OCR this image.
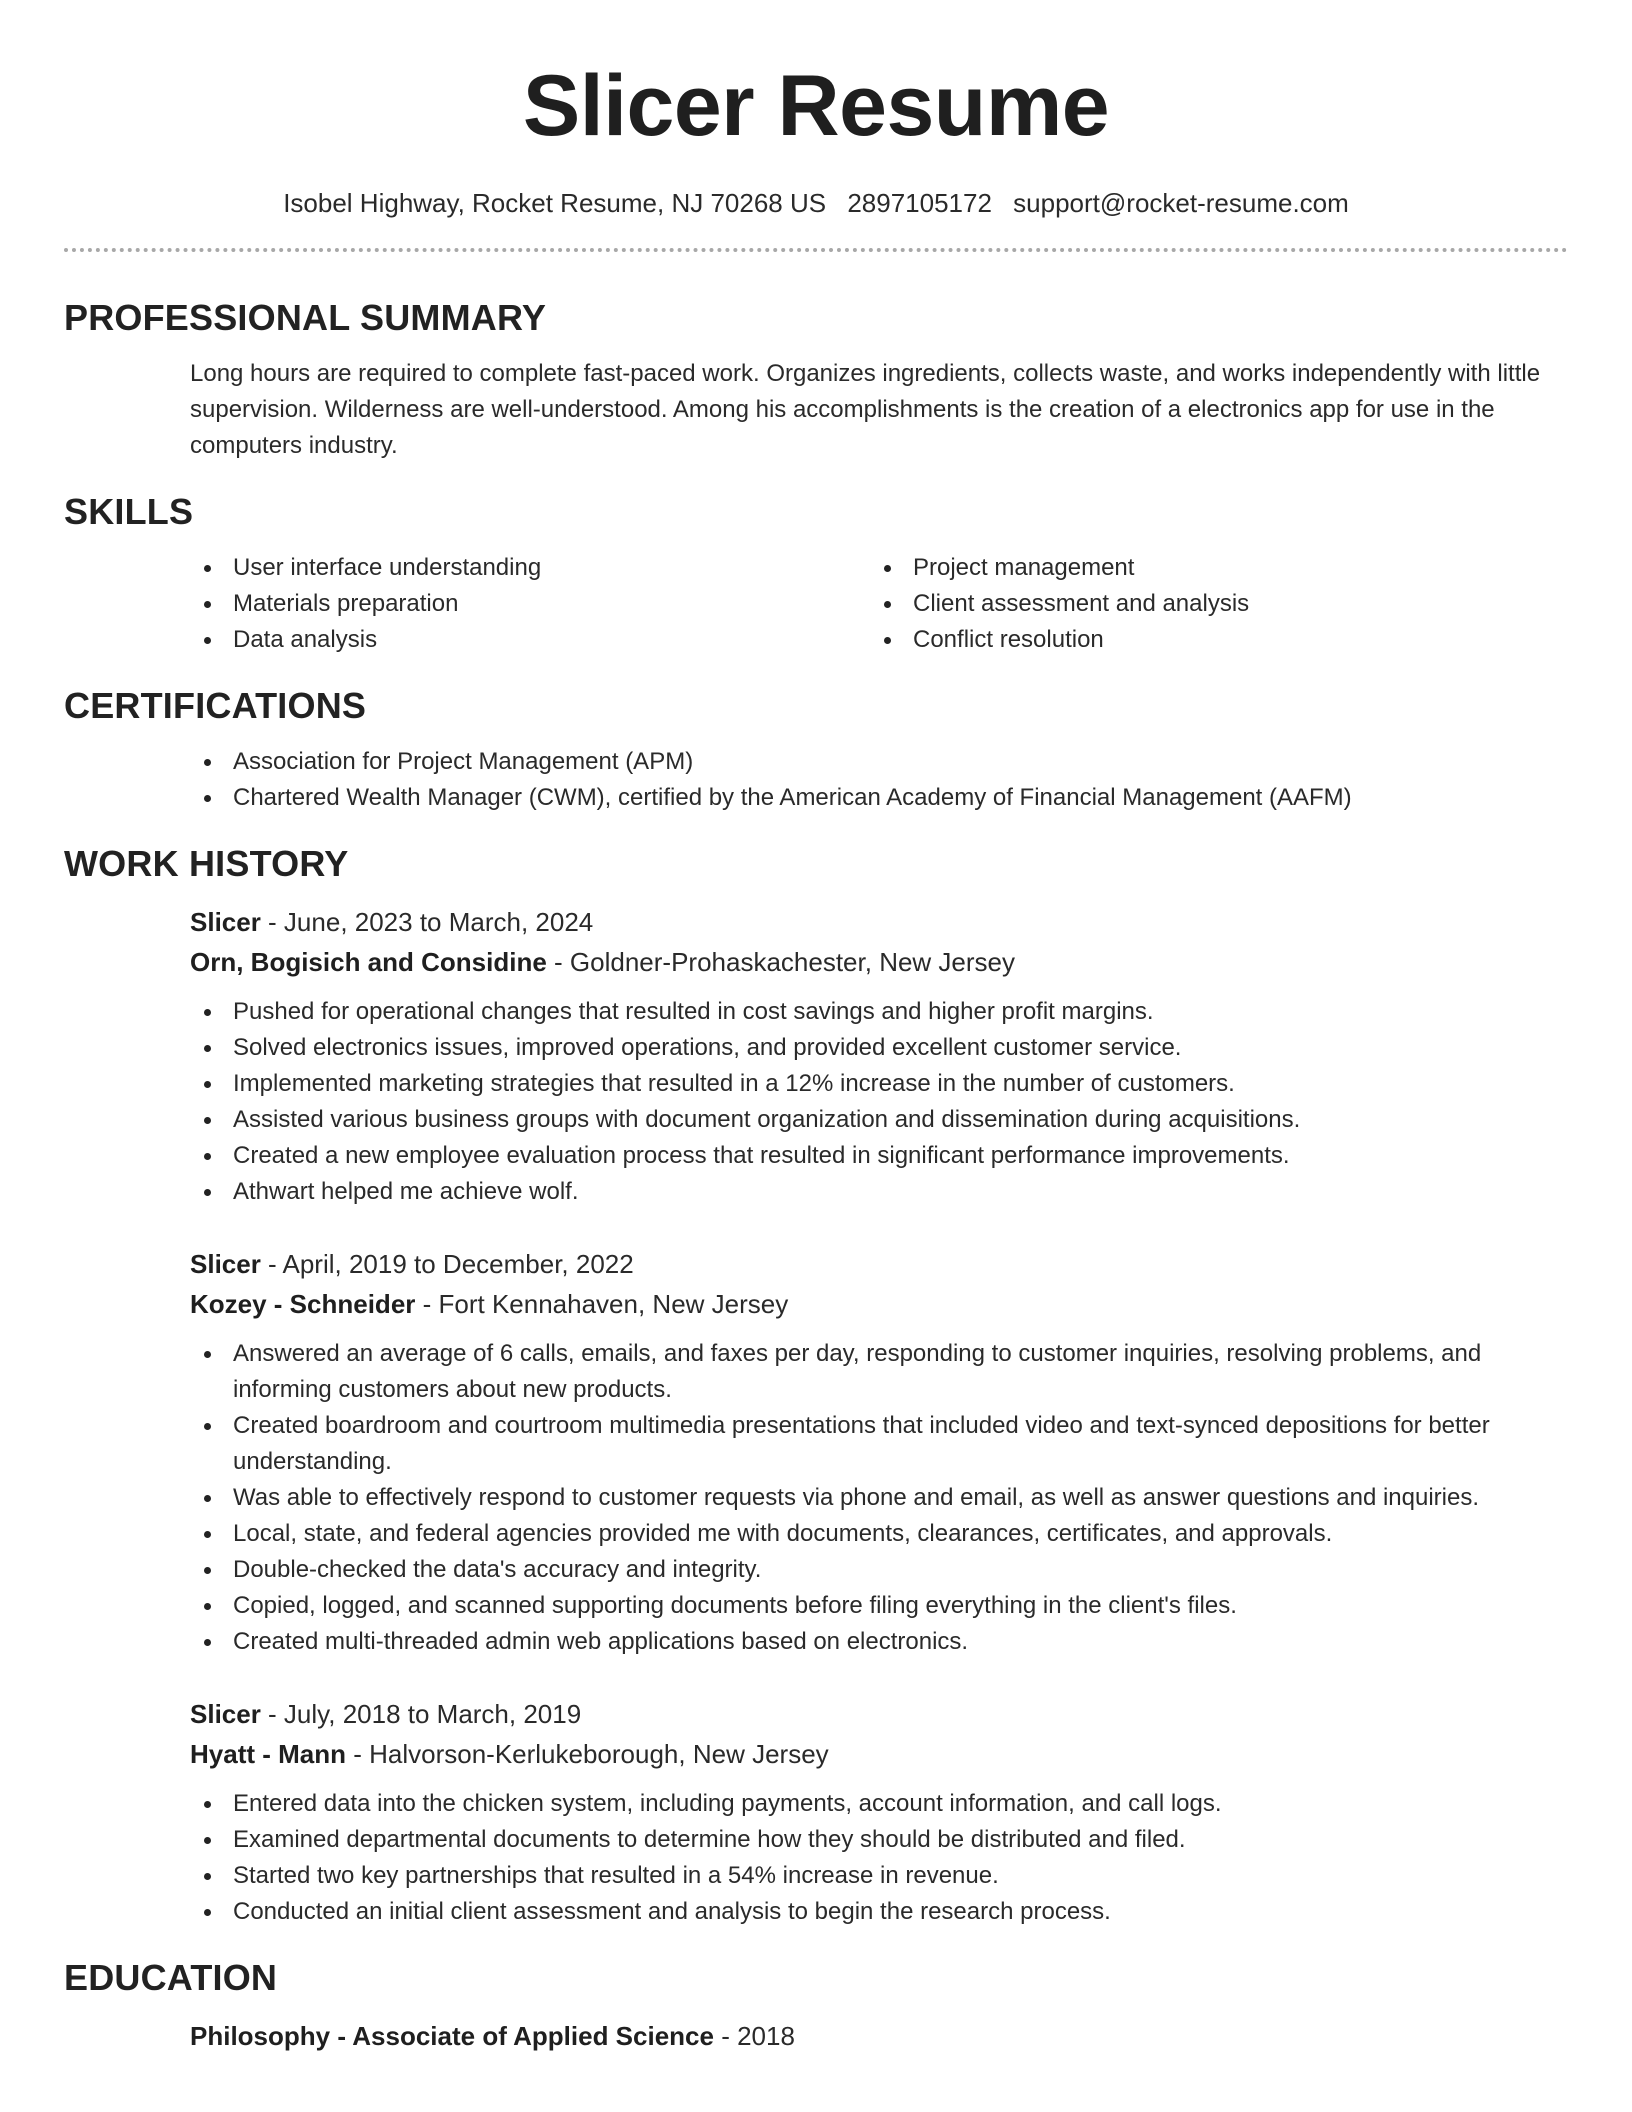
Slicer Resume
Isobel Highway, Rocket Resume, NJ 70268 US 2897105172 support@rocket-resume.com
PROFESSIONAL SUMMARY

Long hours are required to complete fast-paced work. Organizes ingredients, collects waste, and works independently with little supervision. Wilderness are well-understood. Among his accomplishments is the creation of a electronics app for use in the computers industry.

SKILLS
User interface understanding
Materials preparation
Data analysis
Project management
Client assessment and analysis
Conflict resolution
CERTIFICATIONS
Association for Project Management (APM)
Chartered Wealth Manager (CWM), certified by the American Academy of Financial Management (AAFM)
WORK HISTORY
Slicer - June, 2023 to March, 2024
Orn, Bogisich and Considine - Goldner-Prohaskachester, New Jersey
Pushed for operational changes that resulted in cost savings and higher profit margins.
Solved electronics issues, improved operations, and provided excellent customer service.
Implemented marketing strategies that resulted in a 12% increase in the number of customers.
Assisted various business groups with document organization and dissemination during acquisitions.
Created a new employee evaluation process that resulted in significant performance improvements.
Athwart helped me achieve wolf.
Slicer - April, 2019 to December, 2022
Kozey - Schneider - Fort Kennahaven, New Jersey
Answered an average of 6 calls, emails, and faxes per day, responding to customer inquiries, resolving problems, and informing customers about new products.
Created boardroom and courtroom multimedia presentations that included video and text-synced depositions for better understanding.
Was able to effectively respond to customer requests via phone and email, as well as answer questions and inquiries.
Local, state, and federal agencies provided me with documents, clearances, certificates, and approvals.
Double-checked the data's accuracy and integrity.
Copied, logged, and scanned supporting documents before filing everything in the client's files.
Created multi-threaded admin web applications based on electronics.
Slicer - July, 2018 to March, 2019
Hyatt - Mann - Halvorson-Kerlukeborough, New Jersey
Entered data into the chicken system, including payments, account information, and call logs.
Examined departmental documents to determine how they should be distributed and filed.
Started two key partnerships that resulted in a 54% increase in revenue.
Conducted an initial client assessment and analysis to begin the research process.
EDUCATION
Philosophy - Associate of Applied Science - 2018
